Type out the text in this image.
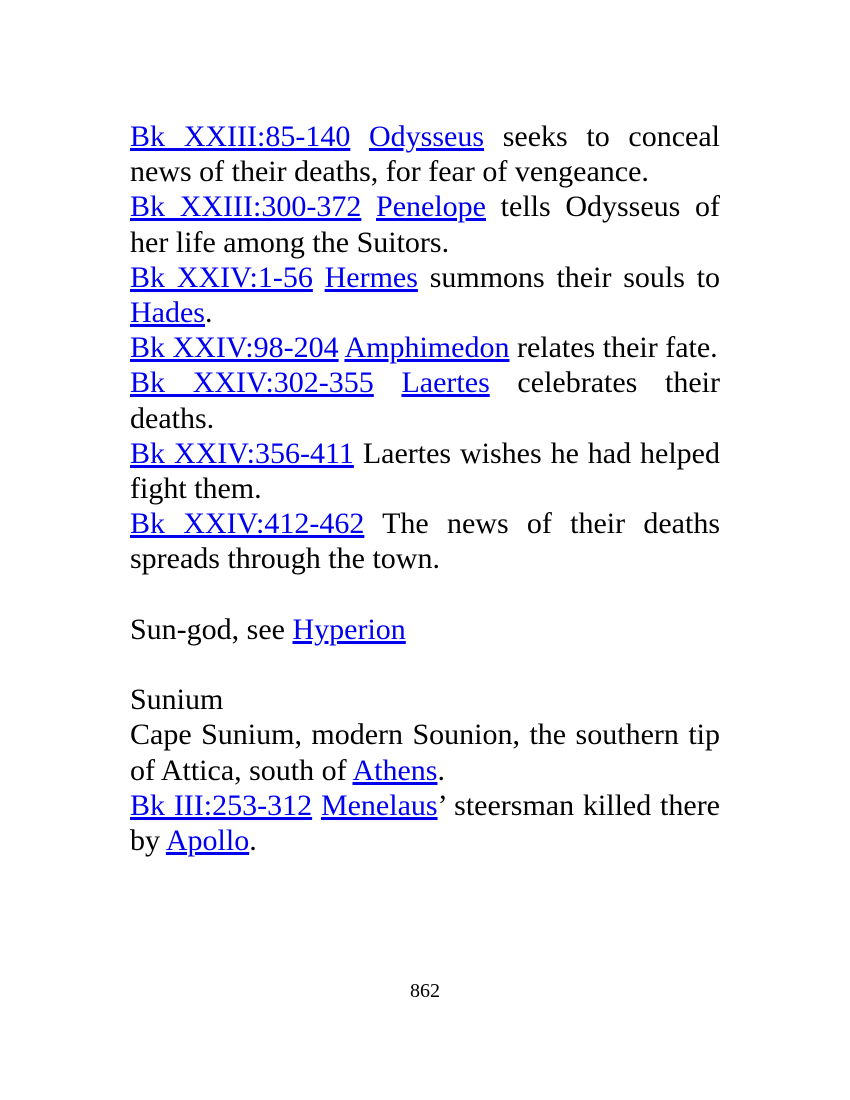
Bk XXIII:85-140 Odysseus seeks to conceal news of their deaths, for fear of vengeance.

Bk XXIII:300-372 Penelope tells Odysseus of her life among the Suitors.

Bk XXIV:1-56 Hermes summons their souls to Hades.

Bk XXIV:98-204 Amphimedon relates their fate.

Bk XXIV:302-355 Laertes celebrates their deaths.

Bk XXIV:356-411 Laertes wishes he had helped fight them.

Bk XXIV:412-462 The news of their deaths spreads through the town.

Sun-god, see Hyperion

Sunium

Cape Sunium, modern Sounion, the southern tip of Attica, south of Athens.

Bk III:253-312 Menelaus’ steersman killed there by Apollo.

862
